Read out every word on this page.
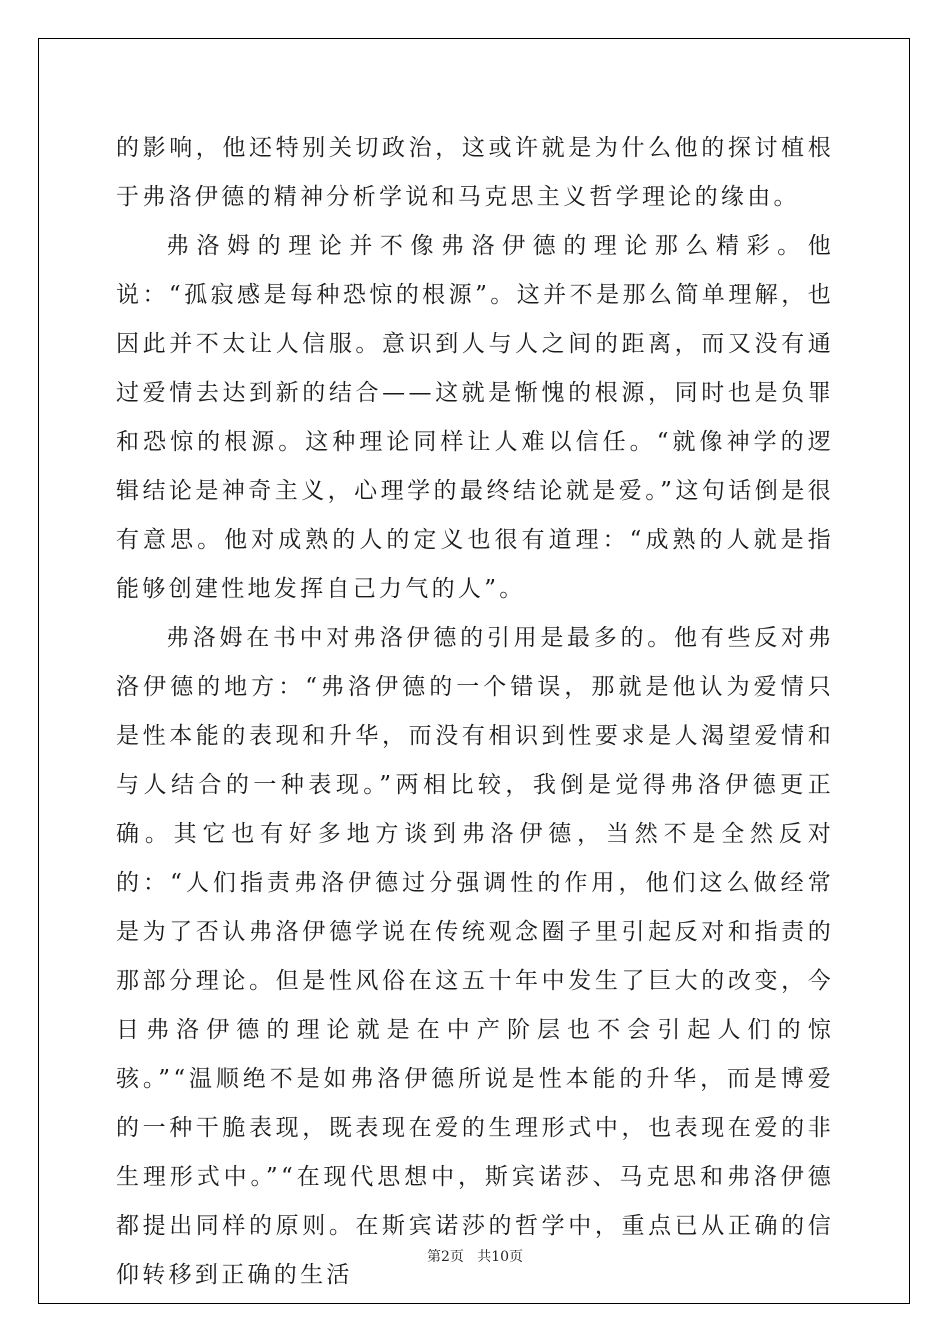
的影响，他还特别关切政治，这或许就是为什么他的探讨植根于弗洛伊德的精神分析学说和马克思主义哲学理论的缘由。

弗洛姆的理论并不像弗洛伊德的理论那么精彩。他说：“孤寂感是每种恐惊的根源”。这并不是那么简单理解，也因此并不太让人信服。意识到人与人之间的距离，而又没有通过爱情去达到新的结合——这就是惭愧的根源，同时也是负罪和恐惊的根源。这种理论同样让人难以信任。“就像神学的逻辑结论是神奇主义，心理学的最终结论就是爱。”这句话倒是很有意思。他对成熟的人的定义也很有道理：“成熟的人就是指能够创建性地发挥自己力气的人”。

弗洛姆在书中对弗洛伊德的引用是最多的。他有些反对弗洛伊德的地方：“弗洛伊德的一个错误，那就是他认为爱情只是性本能的表现和升华，而没有相识到性要求是人渴望爱情和与人结合的一种表现。”两相比较，我倒是觉得弗洛伊德更正确。其它也有好多地方谈到弗洛伊德，当然不是全然反对的：“人们指责弗洛伊德过分强调性的作用，他们这么做经常是为了否认弗洛伊德学说在传统观念圈子里引起反对和指责的那部分理论。但是性风俗在这五十年中发生了巨大的改变，今日弗洛伊德的理论就是在中产阶层也不会引起人们的惊骇。”“温顺绝不是如弗洛伊德所说是性本能的升华，而是博爱的一种干脆表现，既表现在爱的生理形式中，也表现在爱的非生理形式中。”“在现代思想中，斯宾诺莎、马克思和弗洛伊德都提出同样的原则。在斯宾诺莎的哲学中，重点已从正确的信仰转移到正确的生活

第2页   共10页
